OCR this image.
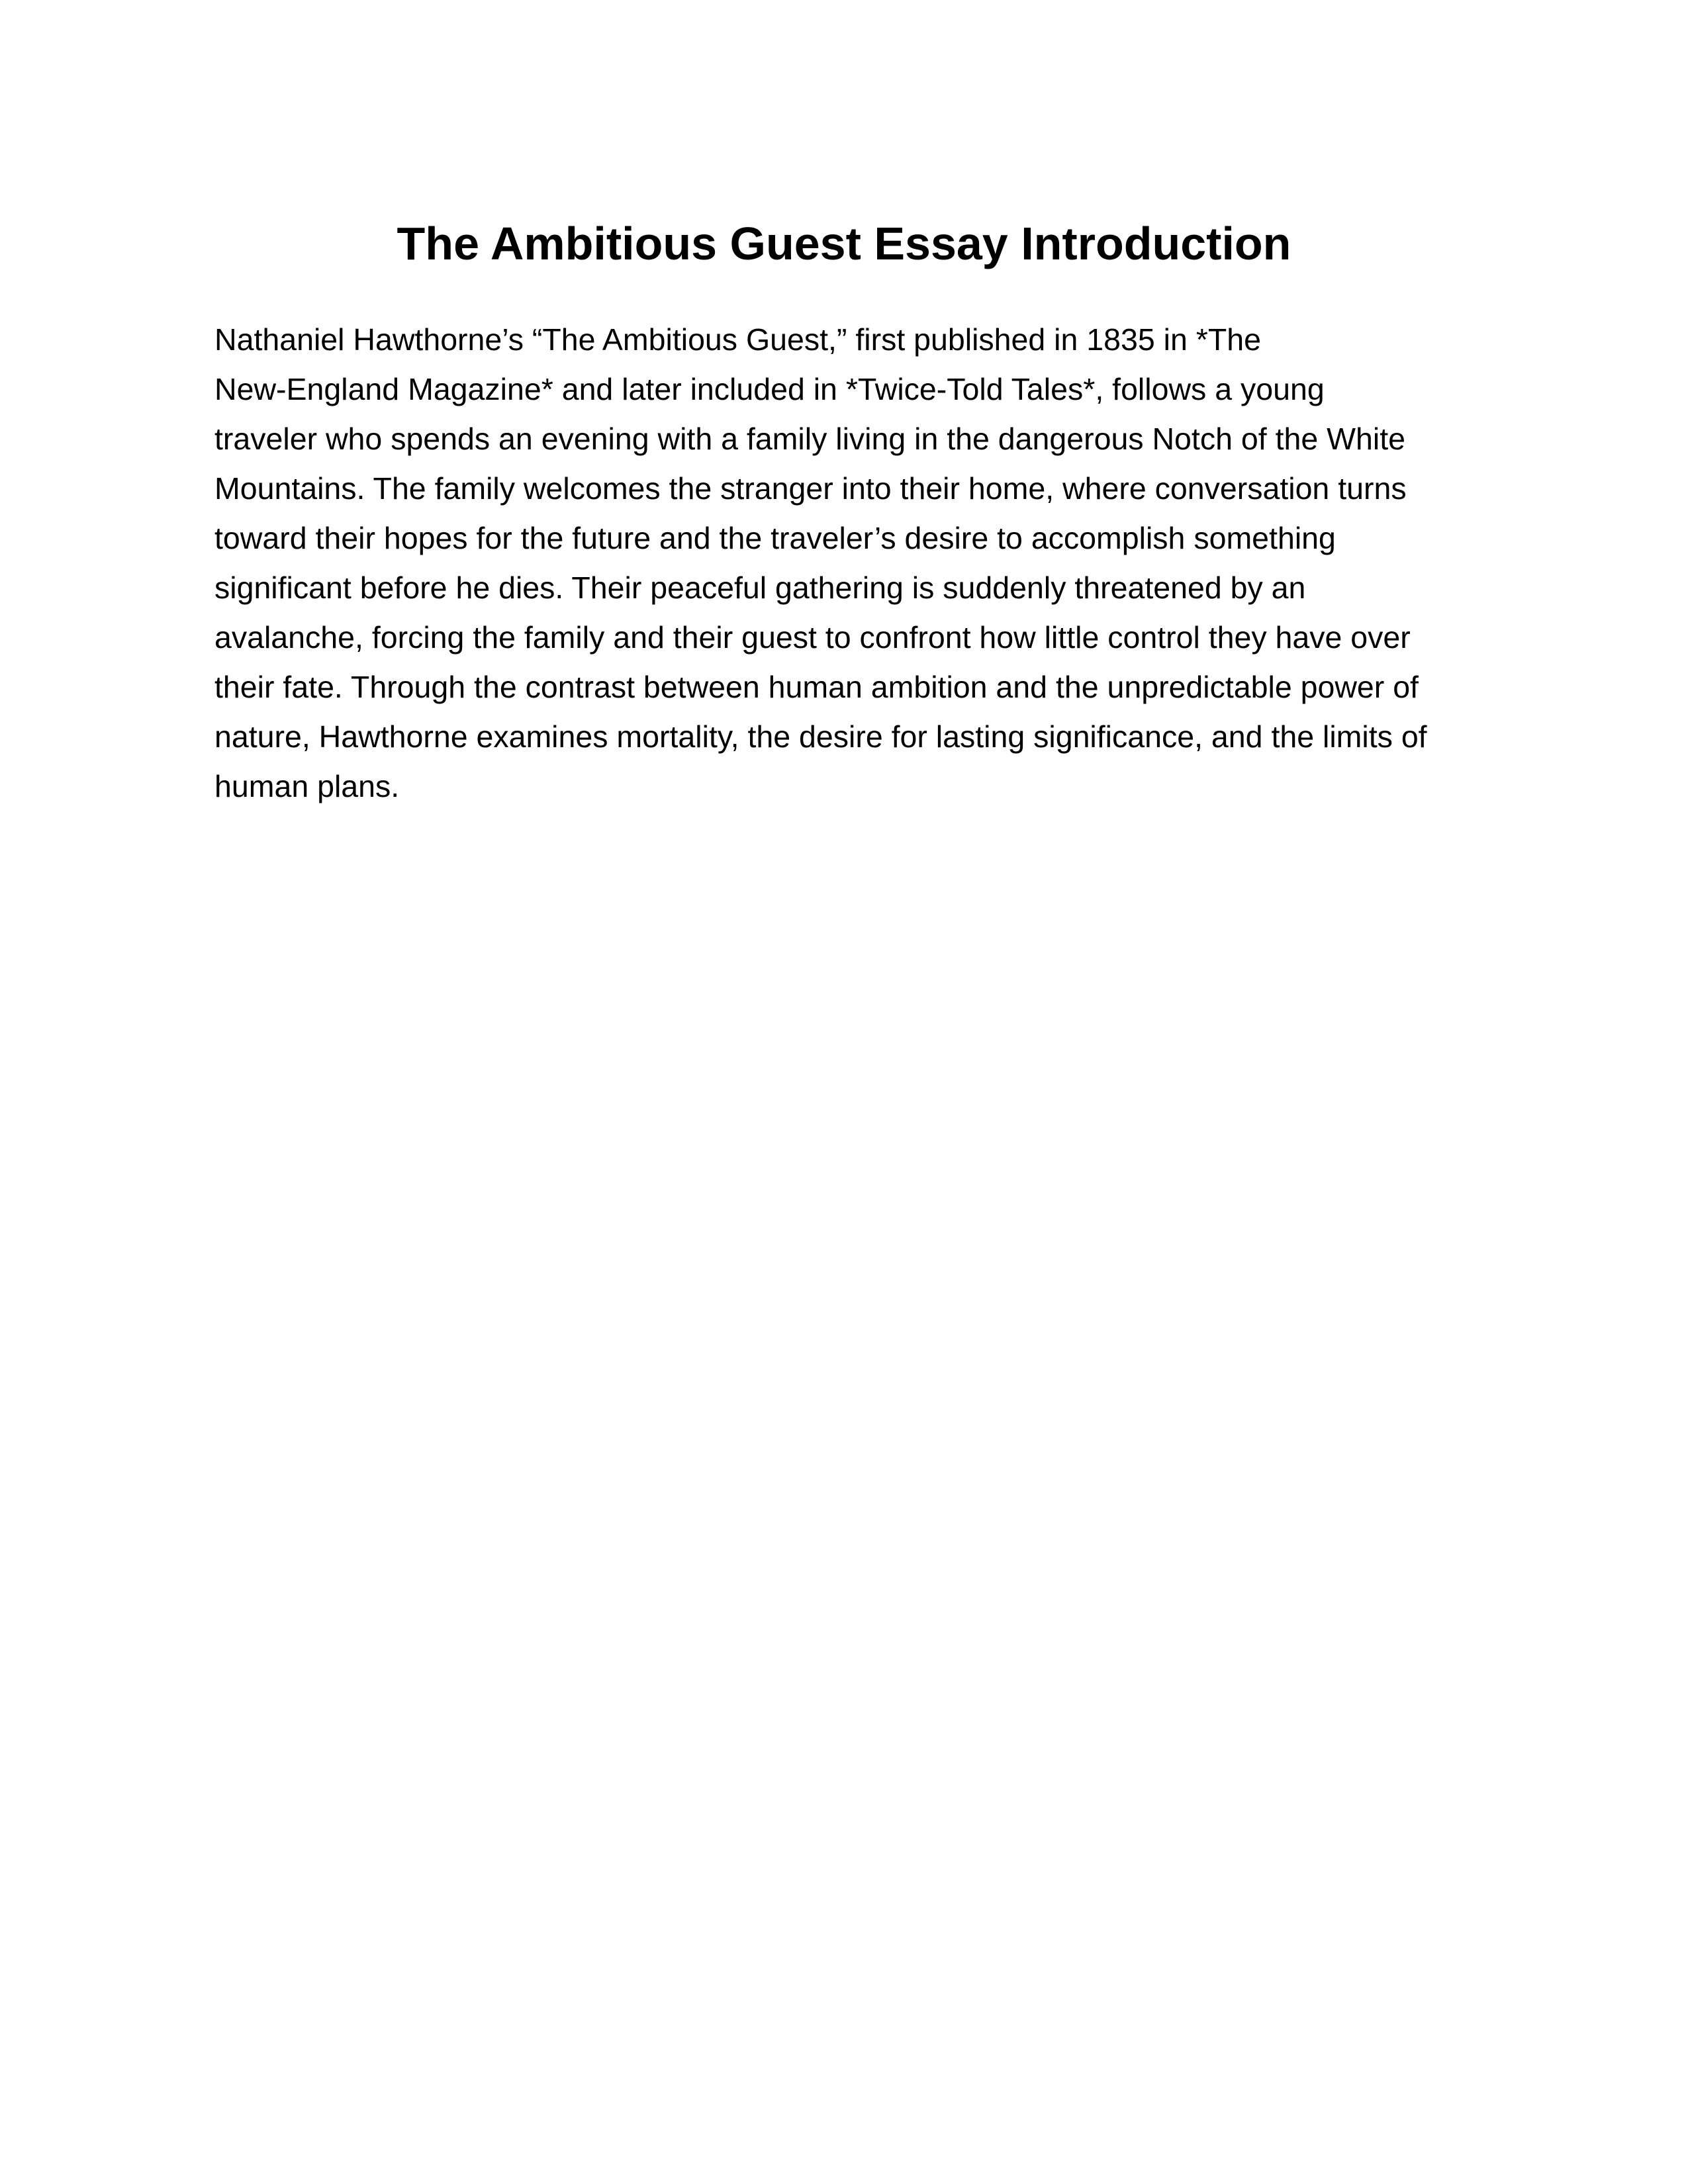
The Ambitious Guest Essay Introduction

Nathaniel Hawthorne’s “The Ambitious Guest,” first published in 1835 in *The
New-England Magazine* and later included in *Twice-Told Tales*, follows a young
traveler who spends an evening with a family living in the dangerous Notch of the White
Mountains. The family welcomes the stranger into their home, where conversation turns
toward their hopes for the future and the traveler’s desire to accomplish something
significant before he dies. Their peaceful gathering is suddenly threatened by an
avalanche, forcing the family and their guest to confront how little control they have over
their fate. Through the contrast between human ambition and the unpredictable power of
nature, Hawthorne examines mortality, the desire for lasting significance, and the limits of
human plans.
